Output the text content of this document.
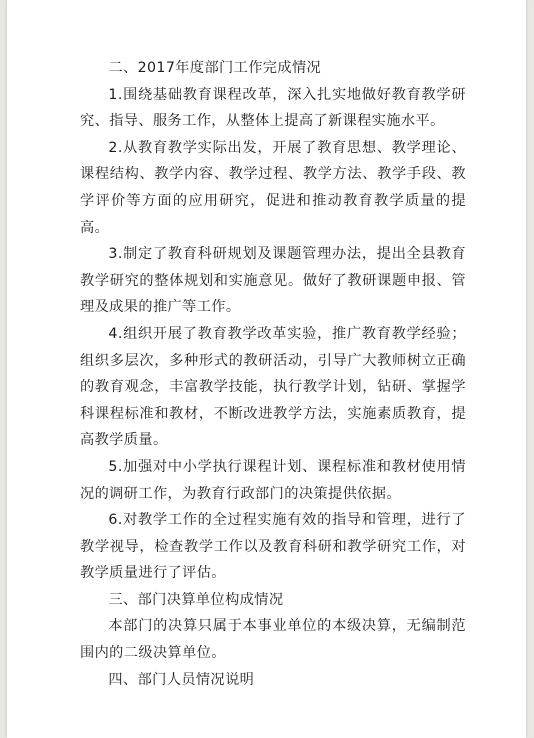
二、2017年度部门工作完成情况

1.围绕基础教育课程改革，深入扎实地做好教育教学研究、指导、服务工作，从整体上提高了新课程实施水平。

2.从教育教学实际出发，开展了教育思想、教学理论、课程结构、教学内容、教学过程、教学方法、教学手段、教学评价等方面的应用研究，促进和推动教育教学质量的提高。

3.制定了教育科研规划及课题管理办法，提出全县教育教学研究的整体规划和实施意见。做好了教研课题申报、管理及成果的推广等工作。

4.组织开展了教育教学改革实验，推广教育教学经验；组织多层次，多种形式的教研活动，引导广大教师树立正确的教育观念，丰富教学技能，执行教学计划，钻研、掌握学科课程标准和教材，不断改进教学方法，实施素质教育，提高教学质量。

5.加强对中小学执行课程计划、课程标准和教材使用情况的调研工作，为教育行政部门的决策提供依据。

6.对教学工作的全过程实施有效的指导和管理，进行了教学视导，检查教学工作以及教育科研和教学研究工作，对教学质量进行了评估。

三、部门决算单位构成情况

本部门的决算只属于本事业单位的本级决算，无编制范围内的二级决算单位。

四、部门人员情况说明
